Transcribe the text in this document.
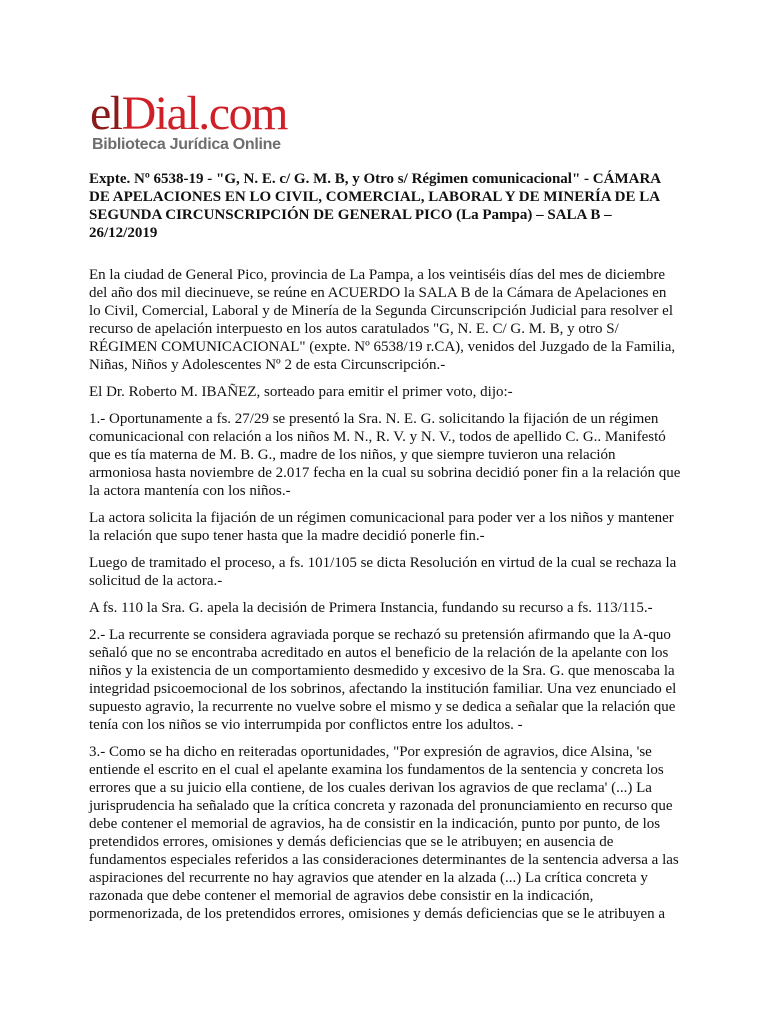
elDial.com
Biblioteca Jurídica Online

Expte. Nº 6538-19 - "G, N. E. c/ G. M. B, y Otro s/ Régimen comunicacional" - CÁMARA DE APELACIONES EN LO CIVIL, COMERCIAL, LABORAL Y DE MINERÍA DE LA SEGUNDA CIRCUNSCRIPCIÓN DE GENERAL PICO (La Pampa) – SALA B – 26/12/2019

En la ciudad de General Pico, provincia de La Pampa, a los veintiséis días del mes de diciembre del año dos mil diecinueve, se reúne en ACUERDO la SALA B de la Cámara de Apelaciones en lo Civil, Comercial, Laboral y de Minería de la Segunda Circunscripción Judicial para resolver el recurso de apelación interpuesto en los autos caratulados "G, N. E. C/ G. M. B, y otro S/ RÉGIMEN COMUNICACIONAL" (expte. Nº 6538/19 r.CA), venidos del Juzgado de la Familia, Niñas, Niños y Adolescentes Nº 2 de esta Circunscripción.-

El Dr. Roberto M. IBAÑEZ, sorteado para emitir el primer voto, dijo:-

1.- Oportunamente a fs. 27/29 se presentó la Sra. N. E. G. solicitando la fijación de un régimen comunicacional con relación a los niños M. N., R. V. y N. V., todos de apellido C. G.. Manifestó que es tía materna de M. B. G., madre de los niños, y que siempre tuvieron una relación armoniosa hasta noviembre de 2.017 fecha en la cual su sobrina decidió poner fin a la relación que la actora mantenía con los niños.-

La actora solicita la fijación de un régimen comunicacional para poder ver a los niños y mantener la relación que supo tener hasta que la madre decidió ponerle fin.-

Luego de tramitado el proceso, a fs. 101/105 se dicta Resolución en virtud de la cual se rechaza la solicitud de la actora.-

A fs. 110 la Sra. G. apela la decisión de Primera Instancia, fundando su recurso a fs. 113/115.-

2.- La recurrente se considera agraviada porque se rechazó su pretensión afirmando que la A-quo señaló que no se encontraba acreditado en autos el beneficio de la relación de la apelante con los niños y la existencia de un comportamiento desmedido y excesivo de la Sra. G. que menoscaba la integridad psicoemocional de los sobrinos, afectando la institución familiar. Una vez enunciado el supuesto agravio, la recurrente no vuelve sobre el mismo y se dedica a señalar que la relación que tenía con los niños se vio interrumpida por conflictos entre los adultos. -

3.- Como se ha dicho en reiteradas oportunidades, "Por expresión de agravios, dice Alsina, 'se entiende el escrito en el cual el apelante examina los fundamentos de la sentencia y concreta los errores que a su juicio ella contiene, de los cuales derivan los agravios de que reclama' (...) La jurisprudencia ha señalado que la crítica concreta y razonada del pronunciamiento en recurso que debe contener el memorial de agravios, ha de consistir en la indicación, punto por punto, de los pretendidos errores, omisiones y demás deficiencias que se le atribuyen; en ausencia de fundamentos especiales referidos a las consideraciones determinantes de la sentencia adversa a las aspiraciones del recurrente no hay agravios que atender en la alzada (...) La crítica concreta y razonada que debe contener el memorial de agravios debe consistir en la indicación, pormenorizada, de los pretendidos errores, omisiones y demás deficiencias que se le atribuyen a
